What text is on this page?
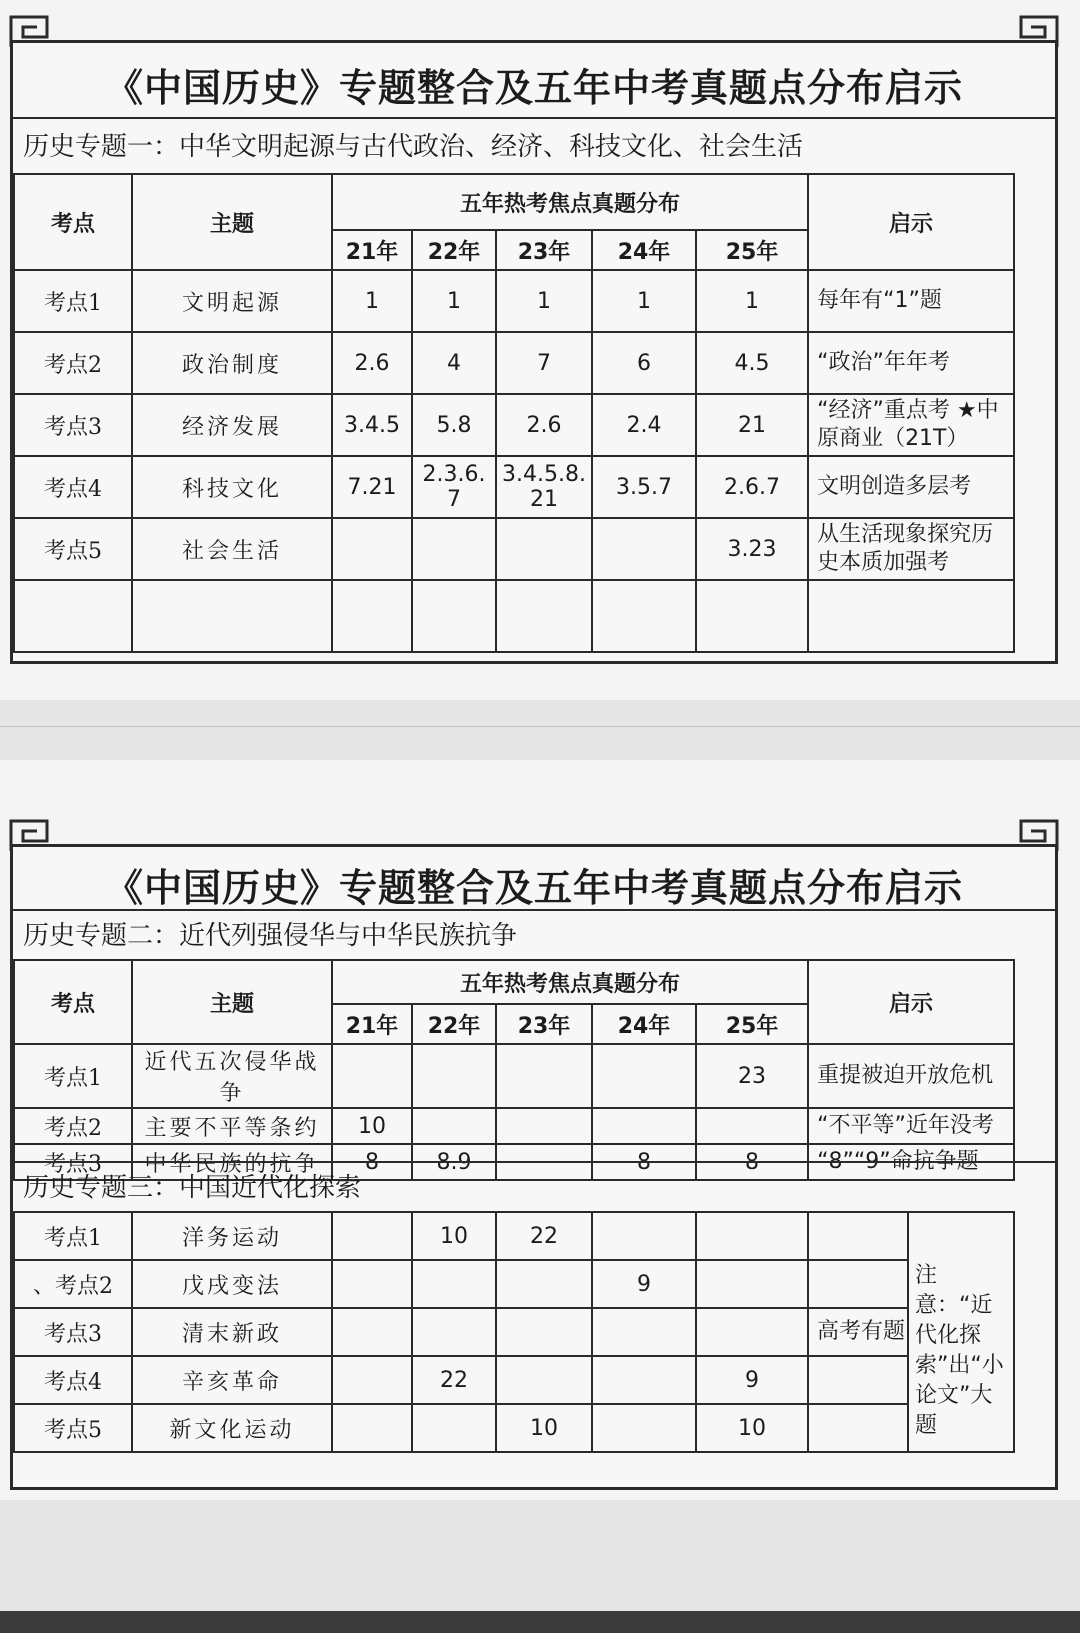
《中国历史》专题整合及五年中考真题点分布启示
历史专题一：中华文明起源与古代政治、经济、科技文化、社会生活
考点	主题	五年热考焦点真题分布					启示
		21年	22年	23年	24年	25年	
考点1	文明起源	1	1	1	1	1	每年有“1”题
考点2	政治制度	2.6	4	7	6	4.5	“政治”年年考
考点3	经济发展	3.4.5	5.8	2.6	2.4	21	“经济”重点考 ★中原商业（21T）
考点4	科技文化	7.21	2.3.6. 7	3.4.5.8. 21	3.5.7	2.6.7	文明创造多层考
考点5	社会生活					3.23	从生活现象探究历史本质加强考

《中国历史》专题整合及五年中考真题点分布启示
历史专题二：近代列强侵华与中华民族抗争
考点	主题	五年热考焦点真题分布					启示
		21年	22年	23年	24年	25年	
考点1	近代五次侵华战争					23	重提被迫开放危机
考点2	主要不平等条约	10					“不平等”近年没考
考点3	中华民族的抗争	8	8.9		8	8	“8”“9”命抗争题
历史专题三：中国近代化探索
考点1	洋务运动		10	22				注意：“近代化探索”出“小论文”大题
、考点2	戊戌变法				9			
考点3	清末新政						高考有题	
考点4	辛亥革命		22			9		
考点5	新文化运动			10		10		
